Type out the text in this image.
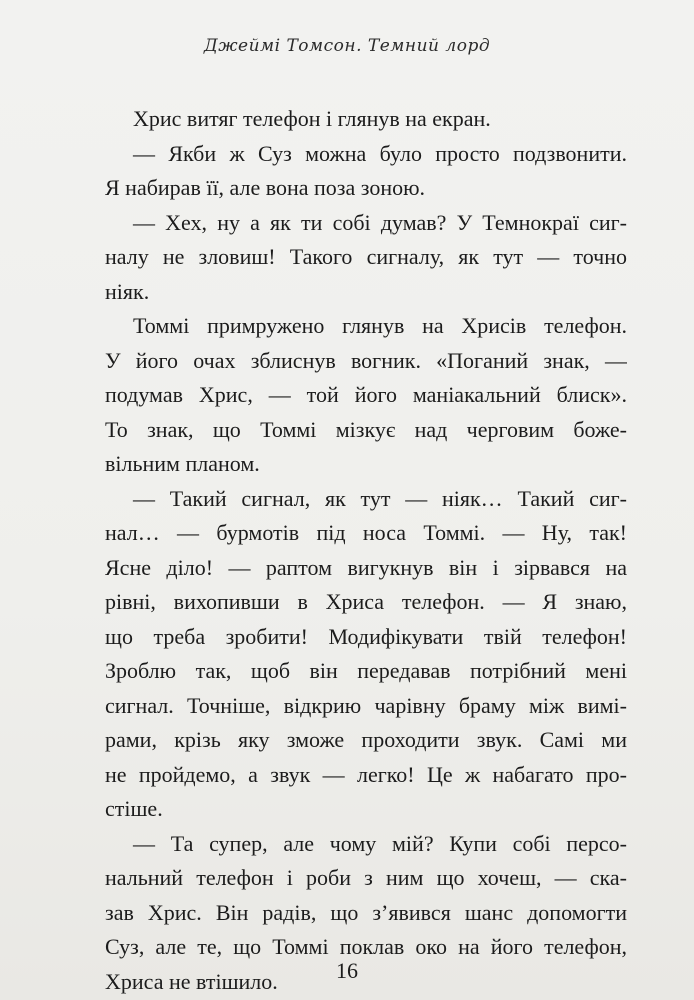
Джеймі Томсон. Темний лорд
Хрис витяг телефон і глянув на екран.
— Якби ж Суз можна було просто подзвонити.
Я набирав її, але вона поза зоною.
— Хех, ну а як ти собі думав? У Темнокраї сиг-
налу не зловиш! Такого сигналу, як тут — точно
ніяк.
Томмі примружено глянув на Хрисів телефон.
У його очах зблиснув вогник. «Поганий знак, —
подумав Хрис, — той його маніакальний блиск».
То знак, що Томмі мізкує над черговим боже-
вільним планом.
— Такий сигнал, як тут — ніяк… Такий сиг-
нал… — бурмотів під носа Томмі. — Ну, так!
Ясне діло! — раптом вигукнув він і зірвався на
рівні, вихопивши в Хриса телефон. — Я знаю,
що треба зробити! Модифікувати твій телефон!
Зроблю так, щоб він передавав потрібний мені
сигнал. Точніше, відкрию чарівну браму між вимі-
рами, крізь яку зможе проходити звук. Самі ми
не пройдемо, а звук — легко! Це ж набагато про-
стіше.
— Та супер, але чому мій? Купи собі персо-
нальний телефон і роби з ним що хочеш, — ска-
зав Хрис. Він радів, що з’явився шанс допомогти
Суз, але те, що Томмі поклав око на його телефон,
Хриса не втішило.	16
